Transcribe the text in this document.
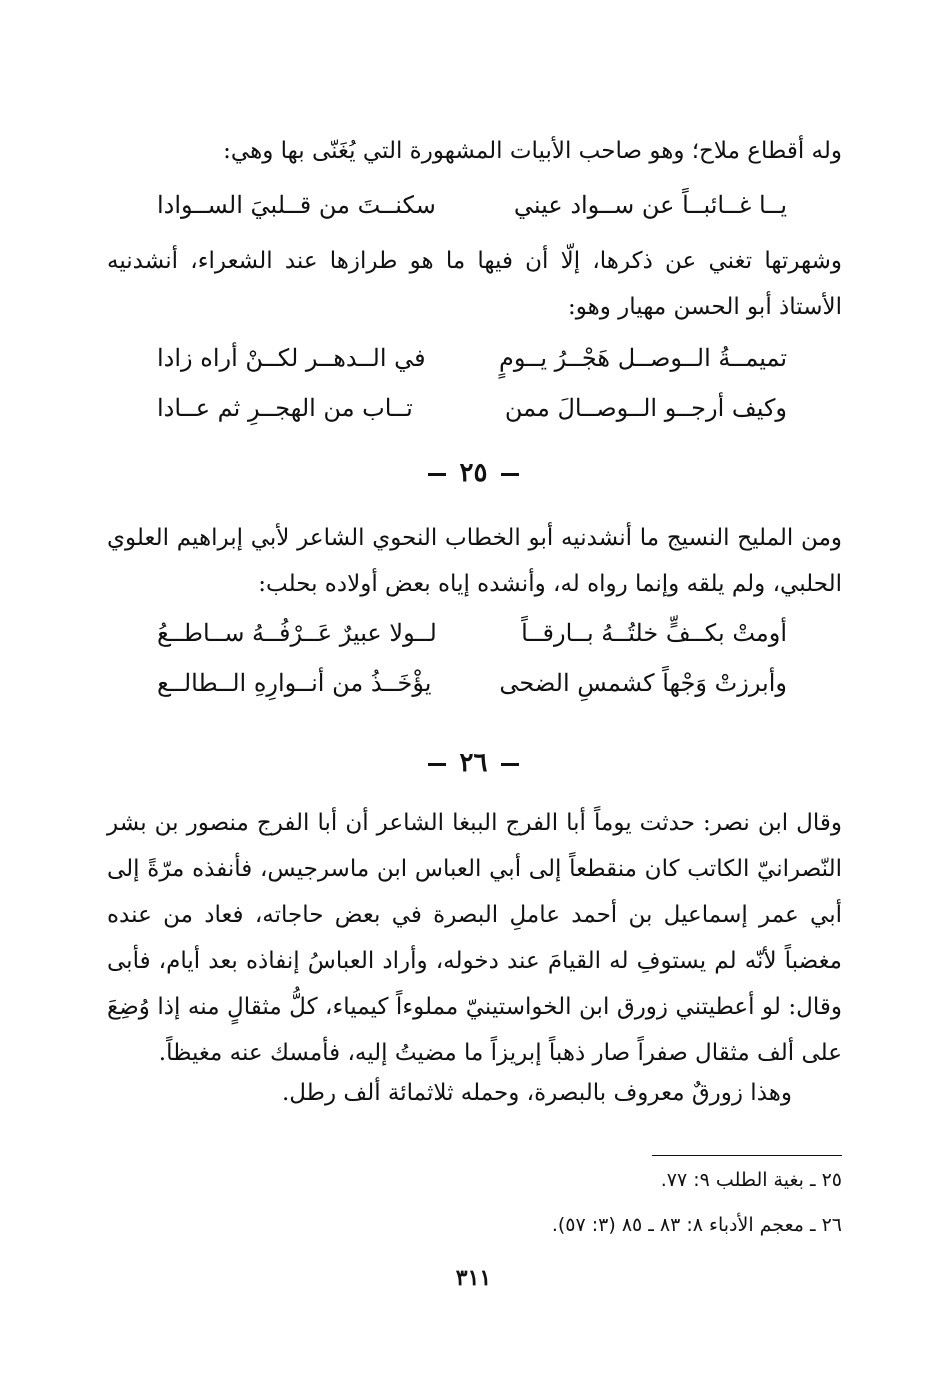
وله أقطاع ملاح؛ وهو صاحب الأبيات المشهورة التي يُغَنّى بها وهي:
يــا غــائبــاً عن ســواد عيني
سكنــتَ من قــلبيَ الســوادا
وشهرتها تغني عن ذكرها، إلّا أن فيها ما هو طرازها عند الشعراء، أنشدنيه الأستاذ أبو الحسن مهيار وهو:
تميمــةُ الــوصــل هَجْــرُ يــومٍ
في الــدهــر لكــنْ أراه زادا
وكيف أرجــو الــوصــالَ ممن
تــاب من الهجــرِ ثم عــادا
٢٥
ومن المليح النسيج ما أنشدنيه أبو الخطاب النحوي الشاعر لأبي إبراهيم العلوي الحلبي، ولم يلقه وإنما رواه له، وأنشده إياه بعض أولاده بحلب:
أومتْ بكــفٍّ خلتُــهُ بــارقــاً
لــولا عبيرٌ عَــرْفُــهُ ســاطــعُ
وأبرزتْ وَجْهاً كشمسِ الضحى
يؤْخَــذُ من أنــوارِهِ الــطالــع
٢٦
وقال ابن نصر: حدثت يوماً أبا الفرج الببغا الشاعر أن أبا الفرج منصور بن بشر النّصرانيّ الكاتب كان منقطعاً إلى أبي العباس ابن ماسرجيس، فأنفذه مرّةً إلى أبي عمر إسماعيل بن أحمد عاملِ البصرة في بعض حاجاته، فعاد من عنده مغضباً لأنّه لم يستوفِ له القيامَ عند دخوله، وأراد العباسُ إنفاذه بعد أيام، فأبى وقال: لو أعطيتني زورق ابن الخواستينيّ مملوءاً كيمياء، كلُّ مثقالٍ منه إذا وُضِعَ على ألف مثقال صفراً صار ذهباً إبريزاً ما مضيتُ إليه، فأمسك عنه مغيظاً.
وهذا زورقٌ معروف بالبصرة، وحمله ثلاثمائة ألف رطل.
٢٥ ـ بغية الطلب ٩: ٧٧.
٢٦ ـ معجم الأدباء ٨: ٨٣ ـ ٨٥ (٣: ٥٧).
٣١١
